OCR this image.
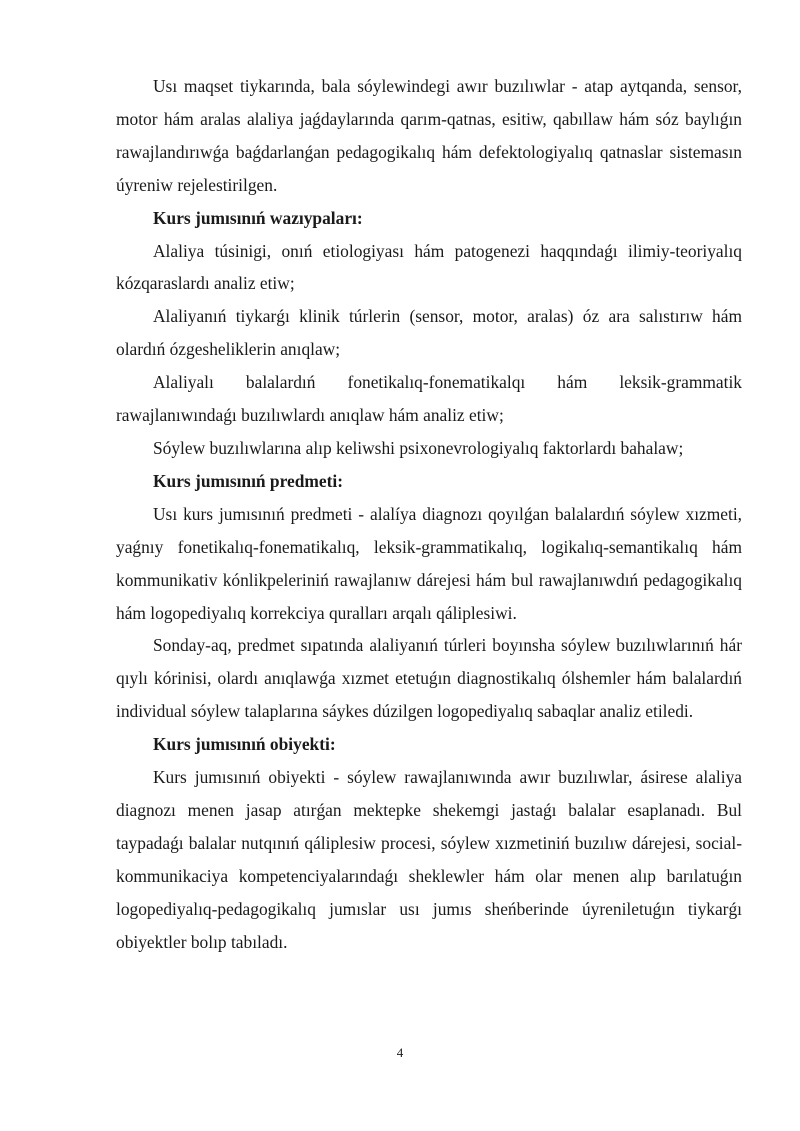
Usı maqset tiykarında, bala sóylewindegi awır buzılıwlar - atap aytqanda, sensor, motor hám aralas alaliya jaǵdaylarında qarım-qatnas, esitiw, qabıllaw hám sóz baylıǵın rawajlandırıwǵa baǵdarlanǵan pedagogikalıq hám defektologiyalıq qatnaslar sistemasın úyreniw rejelestirilgen.

Kurs jumısınıń wazıypaları:

Alaliya túsinigi, onıń etiologiyası hám patogenezi haqqındaǵı ilimiy-teoriyalıq kózqaraslardı analiz etiw;

Alaliyanıń tiykarǵı klinik túrlerin (sensor, motor, aralas) óz ara salıstırıw hám olardıń ózgesheliklerin anıqlaw;

Alaliyalı balalardıń fonetikalıq-fonematikalqı hám leksik-grammatik rawajlanıwındaǵı buzılıwlardı anıqlaw hám analiz etiw;

Sóylew buzılıwlarına alıp keliwshi psixonevrologiyalıq faktorlardı bahalaw;

Kurs jumısınıń predmeti:

Usı kurs jumısınıń predmeti - alalíya diagnozı qoyılǵan balalardıń sóylew xızmeti, yaǵnıy fonetikalıq-fonematikalıq, leksik-grammatikalıq, logikalıq-semantikalıq hám kommunikativ kónlikpeleriniń rawajlanıw dárejesi hám bul rawajlanıwdıń pedagogikalıq hám logopediyalıq korrekciya quralları arqalı qáliplesiwi.

Sonday-aq, predmet sıpatında alaliyanıń túrleri boyınsha sóylew buzılıwlarınıń hár qıylı kórinisi, olardı anıqlawǵa xızmet etetuǵın diagnostikalıq ólshemler hám balalardıń individual sóylew talaplarına sáykes dúzilgen logopediyalıq sabaqlar analiz etiledi.

Kurs jumısınıń obiyekti:

Kurs jumısınıń obiyekti - sóylew rawajlanıwında awır buzılıwlar, ásirese alaliya diagnozı menen jasap atırǵan mektepke shekemgi jastaǵı balalar esaplanadı. Bul taypadaǵı balalar nutqınıń qáliplesiw procesi, sóylew xızmetiniń buzılıw dárejesi, social-kommunikaciya kompetenciyalarındaǵı sheklewler hám olar menen alıp barılatuǵın logopediyalıq-pedagogikalıq jumıslar usı jumıs sheńberinde úyreniletuǵın tiykarǵı obiyektler bolıp tabıladı.

4
